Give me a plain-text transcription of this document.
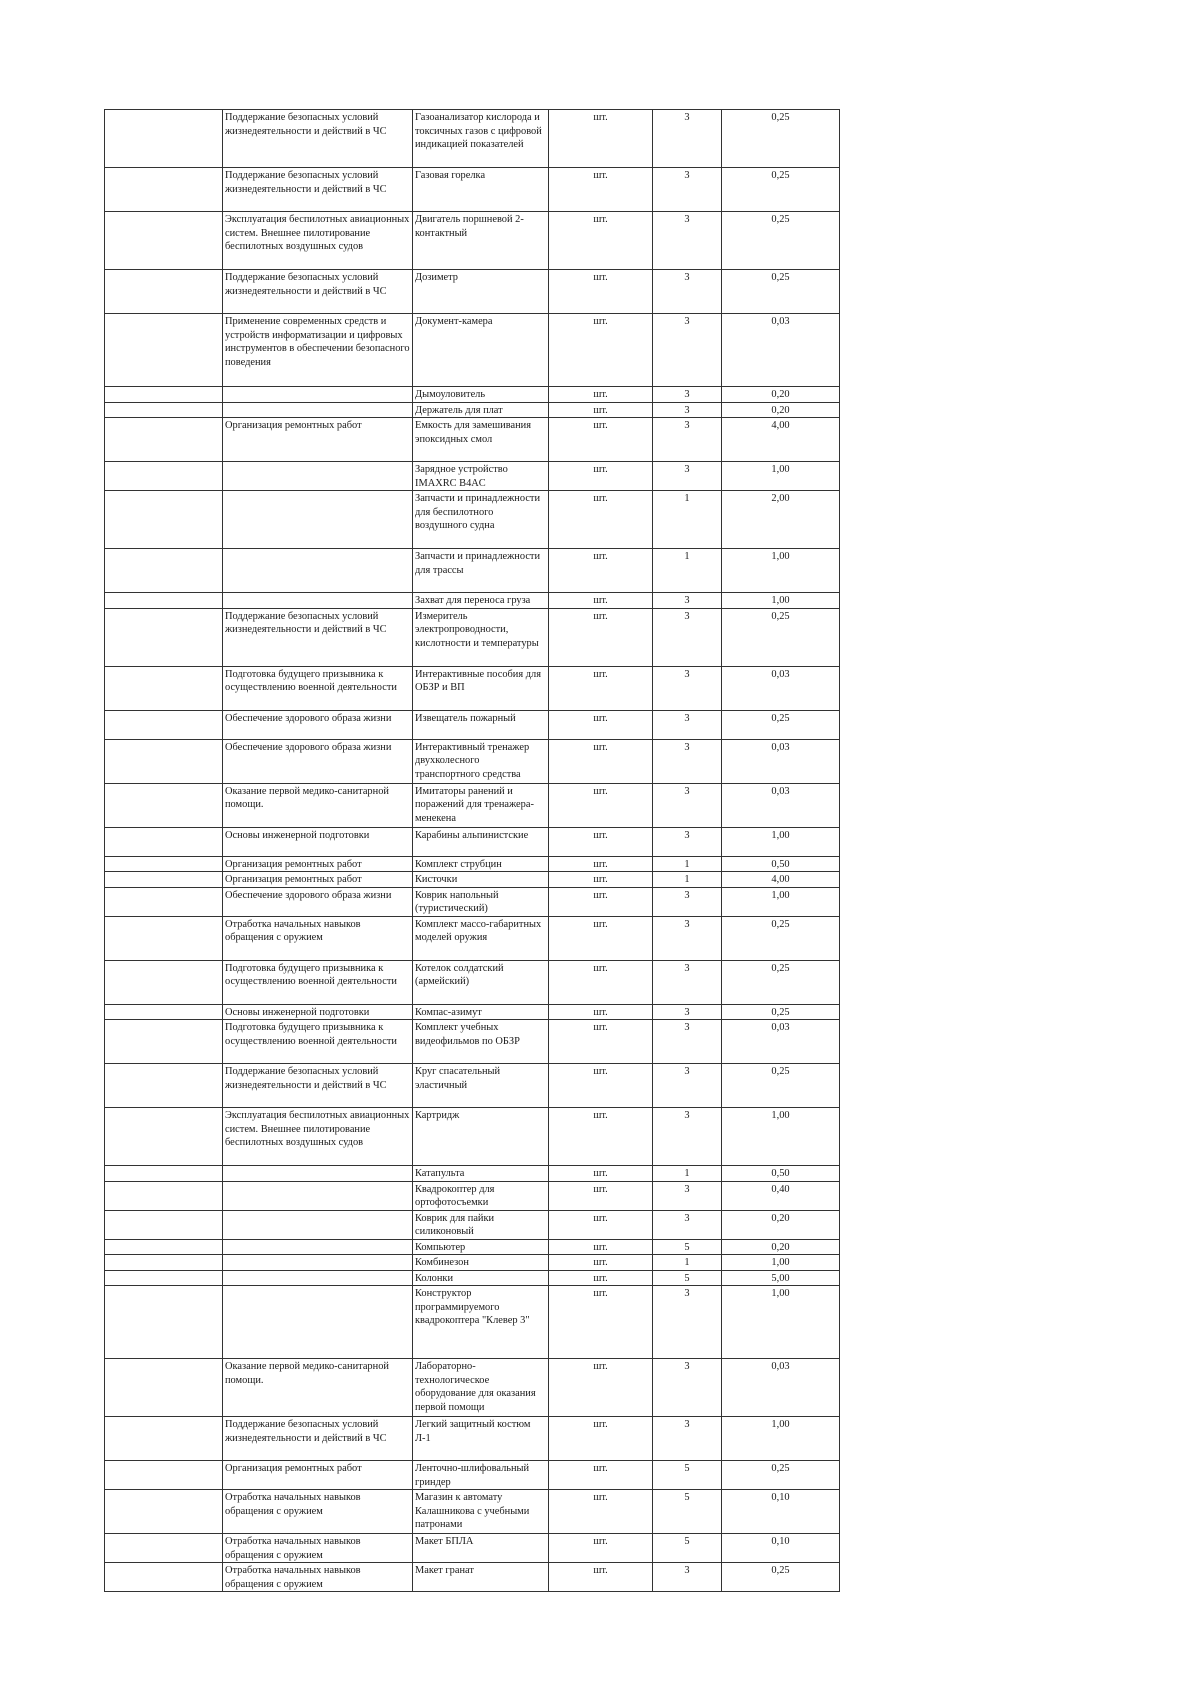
	Поддержание безопасных условий жизнедеятельности и действий в ЧС	Газоанализатор кислорода и токсичных газов с цифровой индикацией показателей	шт.	3	0,25
	Поддержание безопасных условий жизнедеятельности и действий в ЧС	Газовая горелка	шт.	3	0,25
	Эксплуатация беспилотных авиационных систем. Внешнее пилотирование беспилотных воздушных судов	Двигатель поршневой 2-контактный	шт.	3	0,25
	Поддержание безопасных условий жизнедеятельности и действий в ЧС	Дозиметр	шт.	3	0,25
	Применение современных средств и устройств информатизации и цифровых инструментов в обеспечении безопасного поведения	Документ-камера	шт.	3	0,03
		Дымоуловитель	шт.	3	0,20
		Держатель для плат	шт.	3	0,20
	Организация ремонтных работ	Емкость для замешивания эпоксидных смол	шт.	3	4,00
		Зарядное устройство IMAXRC B4AC	шт.	3	1,00
		Запчасти и принадлежности для беспилотного воздушного судна	шт.	1	2,00
		Запчасти и принадлежности для трассы	шт.	1	1,00
		Захват для переноса груза	шт.	3	1,00
	Поддержание безопасных условий жизнедеятельности и действий в ЧС	Измеритель электропроводности, кислотности и температуры	шт.	3	0,25
	Подготовка будущего призывника к осуществлению военной деятельности	Интерактивные пособия для ОБЗР и ВП	шт.	3	0,03
	Обеспечение здорового образа жизни	Извещатель пожарный	шт.	3	0,25
	Обеспечение здорового образа жизни	Интерактивный тренажер двухколесного транспортного средства	шт.	3	0,03
	Оказание первой медико-санитарной помощи.	Имитаторы ранений и поражений для тренажера-менекена	шт.	3	0,03
	Основы инженерной подготовки	Карабины альпинистские	шт.	3	1,00
	Организация ремонтных работ	Комплект струбцин	шт.	1	0,50
	Организация ремонтных работ	Кисточки	шт.	1	4,00
	Обеспечение здорового образа жизни	Коврик напольный (туристический)	шт.	3	1,00
	Отработка начальных навыков обращения с оружием	Комплект массо-габаритных моделей оружия	шт.	3	0,25
	Подготовка будущего призывника к осуществлению военной деятельности	Котелок солдатский (армейский)	шт.	3	0,25
	Основы инженерной подготовки	Компас-азимут	шт.	3	0,25
	Подготовка будущего призывника к осуществлению военной деятельности	Комплект учебных видеофильмов по ОБЗР	шт.	3	0,03
	Поддержание безопасных условий жизнедеятельности и действий в ЧС	Круг спасательный эластичный	шт.	3	0,25
	Эксплуатация беспилотных авиационных систем. Внешнее пилотирование беспилотных воздушных судов	Картридж	шт.	3	1,00
		Катапульта	шт.	1	0,50
		Квадрокоптер для ортофотосъемки	шт.	3	0,40
		Коврик для пайки силиконовый	шт.	3	0,20
		Компьютер	шт.	5	0,20
		Комбинезон	шт.	1	1,00
		Колонки	шт.	5	5,00
		Конструктор программируемого квадрокоптера "Клевер 3"	шт.	3	1,00
	Оказание первой медико-санитарной помощи.	Лабораторно-технологическое оборудование для оказания первой помощи	шт.	3	0,03
	Поддержание безопасных условий жизнедеятельности и действий в ЧС	Легкий защитный костюм Л-1	шт.	3	1,00
	Организация ремонтных работ	Ленточно-шлифовальный гриндер	шт.	5	0,25
	Отработка начальных навыков обращения с оружием	Магазин к автомату Калашникова с учебными патронами	шт.	5	0,10
	Отработка начальных навыков обращения с оружием	Макет БПЛА	шт.	5	0,10
	Отработка начальных навыков обращения с оружием	Макет гранат	шт.	3	0,25
